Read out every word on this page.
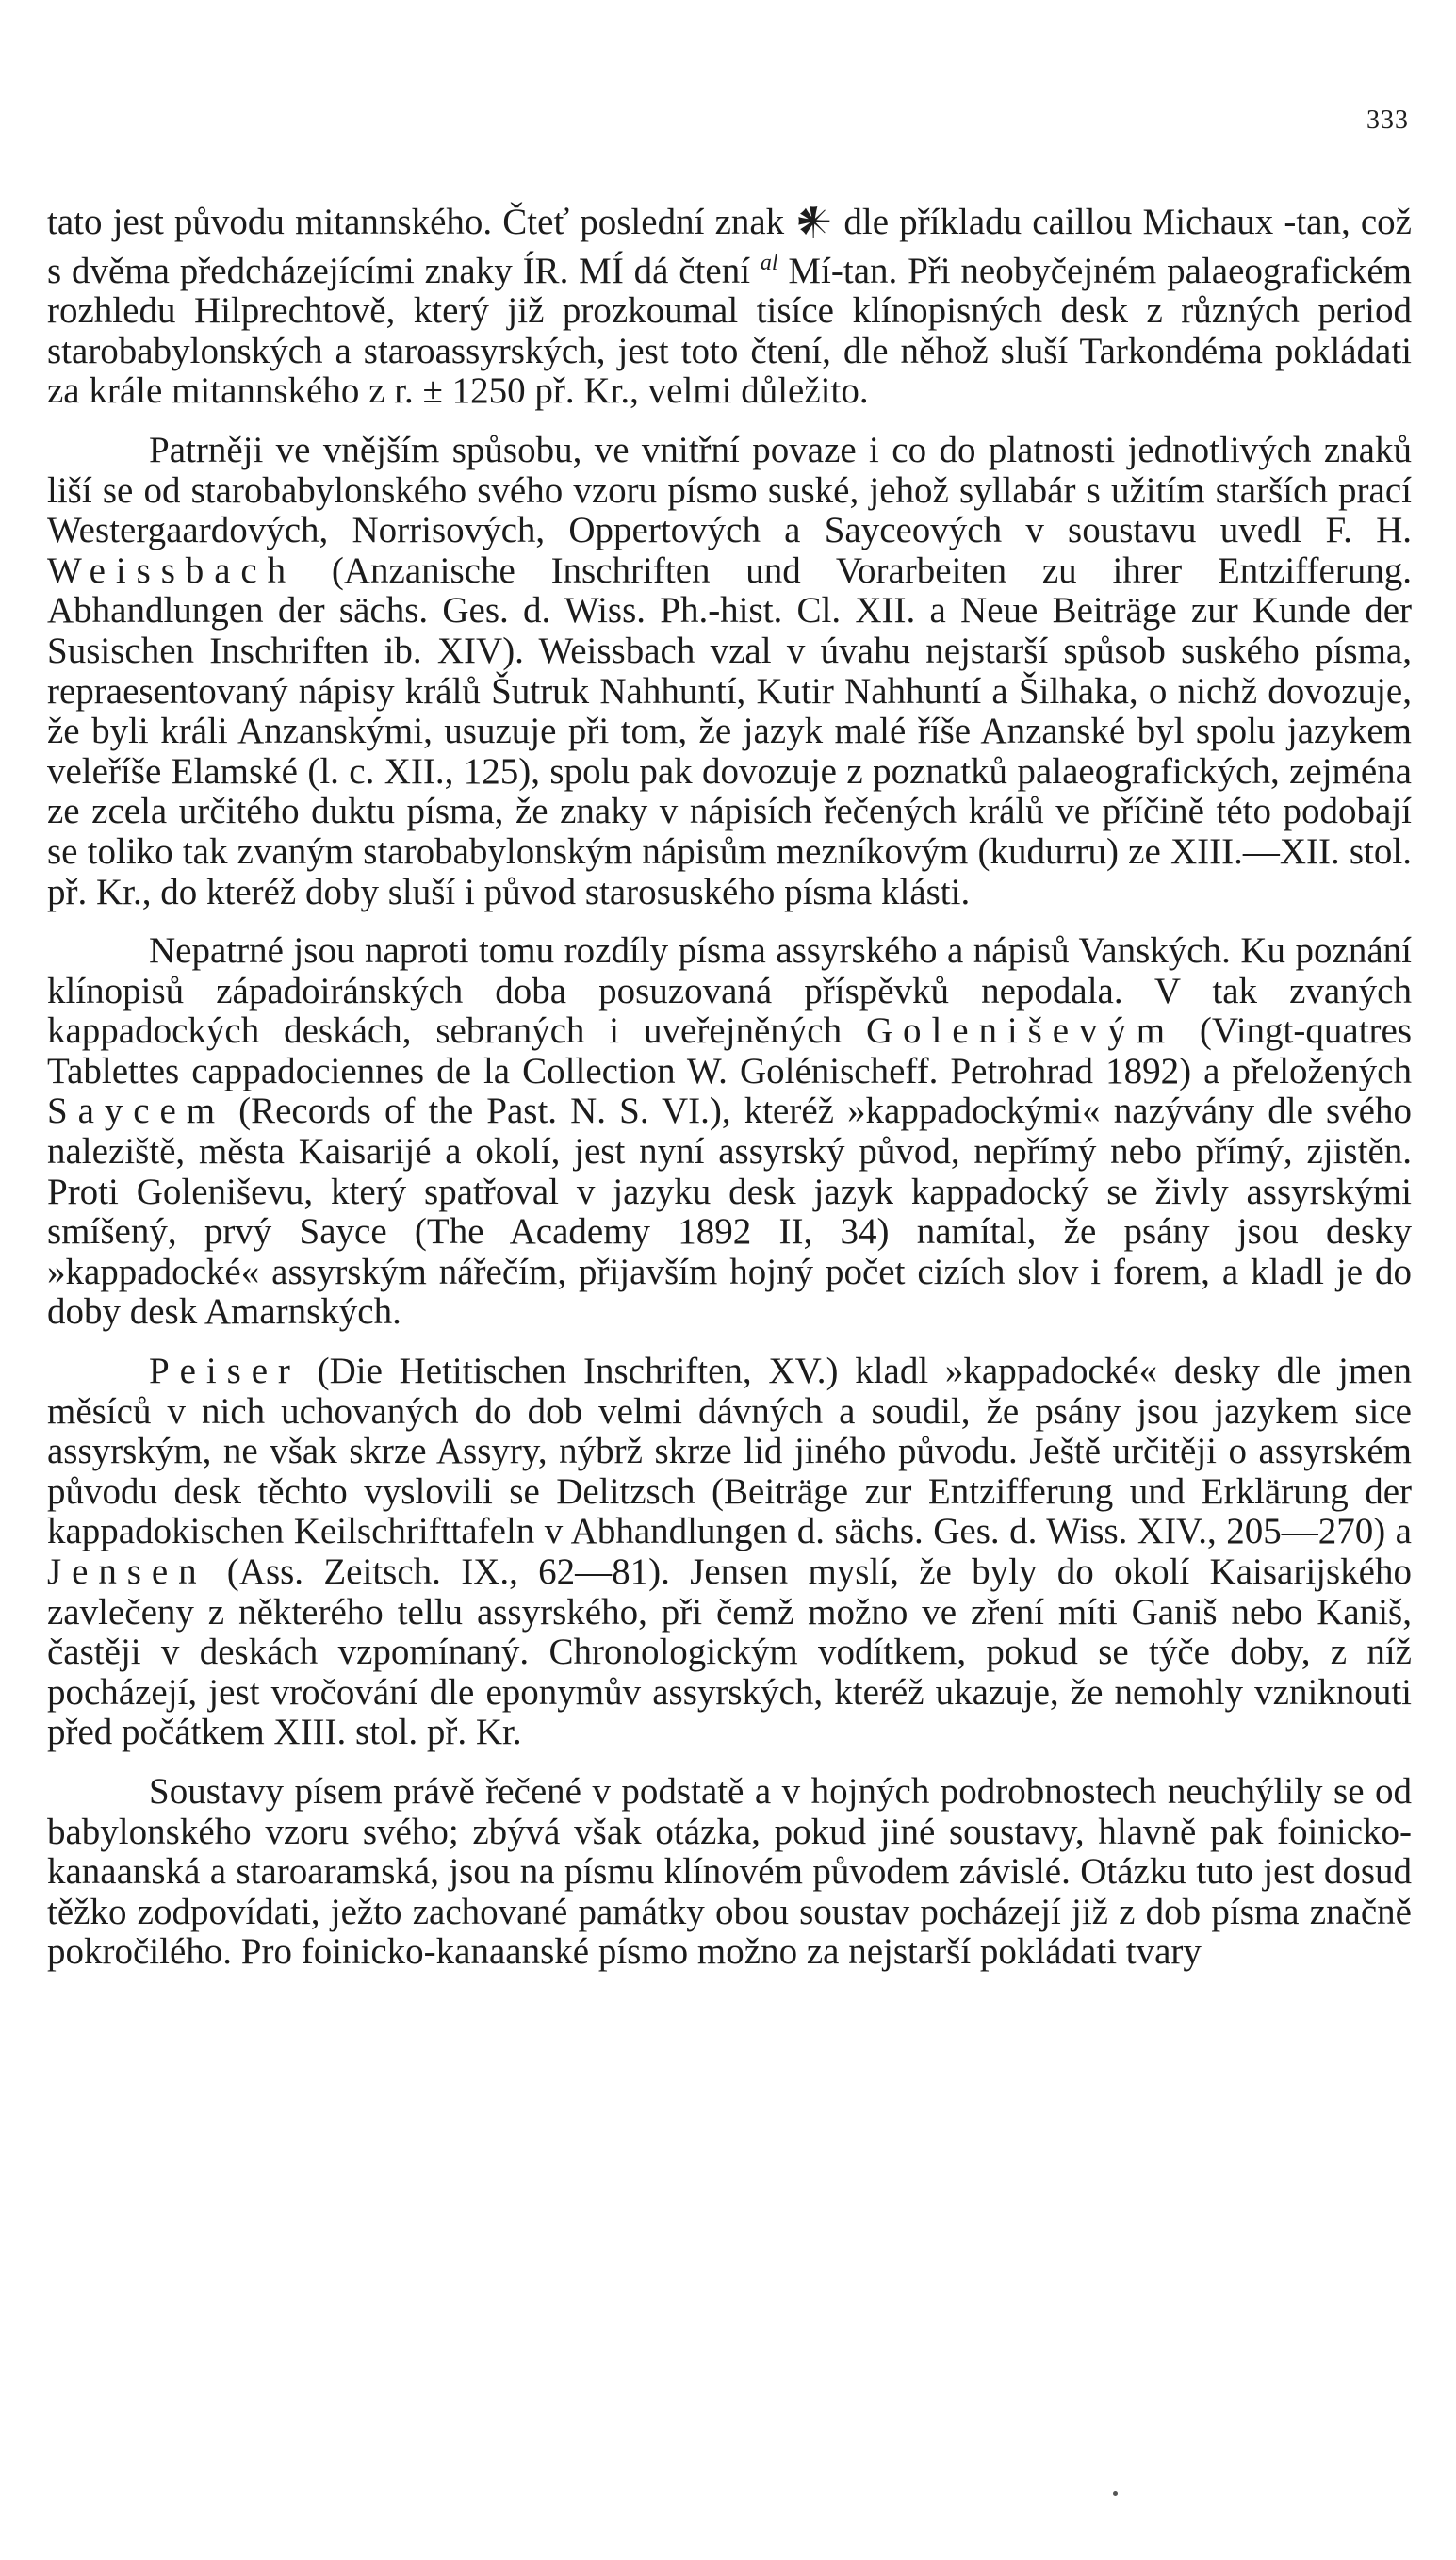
333

tato jest původu mitannského. Čteť poslední znak 𒀭 dle příkladu caillou Michaux -tan, což s dvěma předcházejícími znaky ÍR. MÍ dá čtení $^{al}$ Mí-tan. Při neobyčejném palaeografickém rozhledu Hilprechtově, který již prozkoumal tisíce klínopisných desk z různých period starobabylonských a staroassyrských, jest toto čtení, dle něhož sluší Tarkondéma pokládati za krále mitannského z r. ± 1250 př. Kr., velmi důležito.

Patrněji ve vnějším spůsobu, ve vnitřní povaze i co do platnosti jednotlivých znaků liší se od starobabylonského svého vzoru písmo suské, jehož syllabár s užitím starších prací Westergaardových, Norrisových, Oppertových a Sayceových v soustavu uvedl F. H. Weissbach (Anzanische Inschriften und Vorarbeiten zu ihrer Entzifferung. Abhandlungen der sächs. Ges. d. Wiss. Ph.-hist. Cl. XII. a Neue Beiträge zur Kunde der Susischen Inschriften ib. XIV). Weissbach vzal v úvahu nejstarší spůsob suského písma, repraesentovaný nápisy králů Šutruk Nahhuntí, Kutir Nahhuntí a Šilhaka, o nichž dovozuje, že byli králi Anzanskými, usuzuje při tom, že jazyk malé říše Anzanské byl spolu jazykem veleříše Elamské (l. c. XII., 125), spolu pak dovozuje z poznatků palaeografických, zejména ze zcela určitého duktu písma, že znaky v nápisích řečených králů ve příčině této podobají se toliko tak zvaným starobabylonským nápisům mezníkovým (kudurru) ze XIII.—XII. stol. př. Kr., do kteréž doby sluší i původ starosuského písma klásti.

Nepatrné jsou naproti tomu rozdíly písma assyrského a nápisů Vanských. Ku poznání klínopisů západoiránských doba posuzovaná příspěvků nepodala. V tak zvaných kappadockých deskách, sebraných i uveřejněných Goleniševým (Vingt-quatres Tablettes cappadociennes de la Collection W. Golénischeff. Petrohrad 1892) a přeložených Saycem (Records of the Past. N. S. VI.), kteréž »kappadockými« nazývány dle svého naleziště, města Kaisarijé a okolí, jest nyní assyrský původ, nepřímý nebo přímý, zjistěn. Proti Goleniševu, který spatřoval v jazyku desk jazyk kappadocký se živly assyrskými smíšený, prvý Sayce (The Academy 1892 II, 34) namítal, že psány jsou desky »kappadocké« assyrským nářečím, přijavším hojný počet cizích slov i forem, a kladl je do doby desk Amarnských.

Peiser (Die Hetitischen Inschriften, XV.) kladl »kappadocké« desky dle jmen měsíců v nich uchovaných do dob velmi dávných a soudil, že psány jsou jazykem sice assyrským, ne však skrze Assyry, nýbrž skrze lid jiného původu. Ještě určitěji o assyrském původu desk těchto vyslovili se Delitzsch (Beiträge zur Entzifferung und Erklärung der kappadokischen Keilschrifttafeln v Abhandlungen d. sächs. Ges. d. Wiss. XIV., 205—270) a Jensen (Ass. Zeitsch. IX., 62—81). Jensen myslí, že byly do okolí Kaisarijského zavlečeny z některého tellu assyrského, při čemž možno ve zření míti Ganiš nebo Kaniš, častěji v deskách vzpomínaný. Chronologickým vodítkem, pokud se týče doby, z níž pocházejí, jest vročování dle eponymův assyrských, kteréž ukazuje, že nemohly vzniknouti před počátkem XIII. stol. př. Kr.

Soustavy písem právě řečené v podstatě a v hojných podrobnostech neuchýlily se od babylonského vzoru svého; zbývá však otázka, pokud jiné soustavy, hlavně pak foinicko-kanaanská a staroaramská, jsou na písmu klínovém původem závislé. Otázku tuto jest dosud těžko zodpovídati, ježto zachované památky obou soustav pocházejí již z dob písma značně pokročilého. Pro foinicko-kanaanské písmo možno za nejstarší pokládati tvary
